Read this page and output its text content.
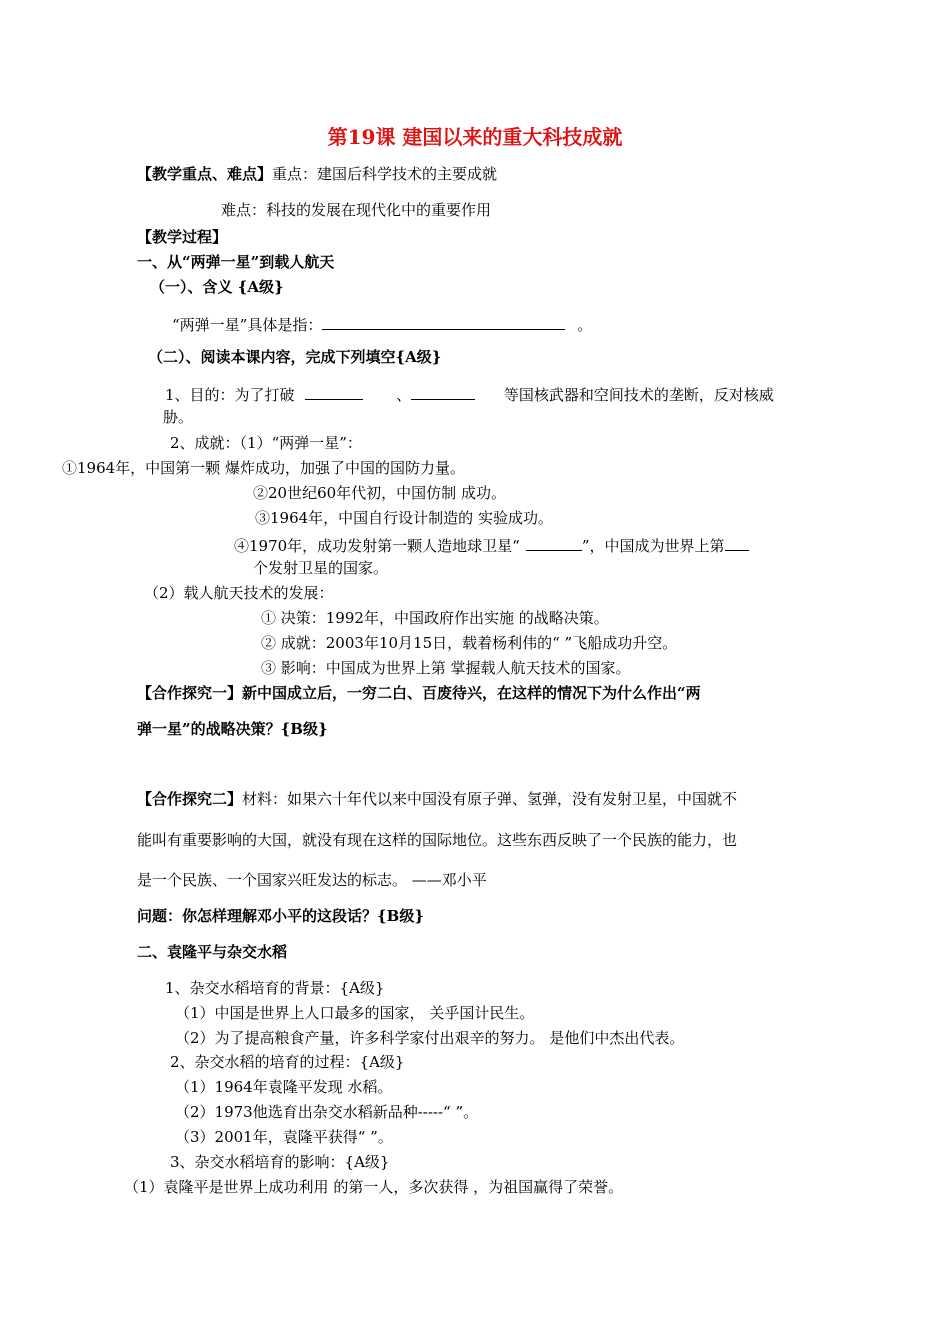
第19课 建国以来的重大科技成就
【教学重点、难点】重点：建国后科学技术的主要成就
难点：科技的发展在现代化中的重要作用
【教学过程】
一、从“两弹一星”到载人航天
（一）、含义 {A级}
“两弹一星”具体是指：	。
（二）、阅读本课内容，完成下列填空{A级}
1、目的：为了打破	、	等国核武器和空间技术的垄断，反对核威
胁。
2、成就：（1）“两弹一星”：
①1964年，中国第一颗 爆炸成功，加强了中国的国防力量。
②20世纪60年代初，中国仿制 成功。
③1964年，中国自行设计制造的 实验成功。
④1970年，成功发射第一颗人造地球卫星“	”，中国成为世界上第
个发射卫星的国家。
（2）载人航天技术的发展：
① 决策：1992年，中国政府作出实施 的战略决策。
② 成就：2003年10月15日，载着杨利伟的“ ”飞船成功升空。
③ 影响：中国成为世界上第 掌握载人航天技术的国家。
【合作探究一】新中国成立后，一穷二白、百废待兴，在这样的情况下为什么作出“两
弹一星”的战略决策？{B级}
【合作探究二】材料：如果六十年代以来中国没有原子弹、氢弹，没有发射卫星，中国就不
能叫有重要影响的大国，就没有现在这样的国际地位。这些东西反映了一个民族的能力，也
是一个民族、一个国家兴旺发达的标志。 ——邓小平
问题：你怎样理解邓小平的这段话？{B级}
二、袁隆平与杂交水稻
1、杂交水稻培育的背景：{A级}
（1）中国是世界上人口最多的国家， 关乎国计民生。
（2）为了提高粮食产量，许多科学家付出艰辛的努力。 是他们中杰出代表。
2、杂交水稻的培育的过程：{A级}
（1）1964年袁隆平发现 水稻。
（2）1973他选育出杂交水稻新品种-----“ ”。
（3）2001年，袁隆平获得“ ”。
3、杂交水稻培育的影响：{A级}
（1）袁隆平是世界上成功利用 的第一人，多次获得 ，为祖国赢得了荣誉。
